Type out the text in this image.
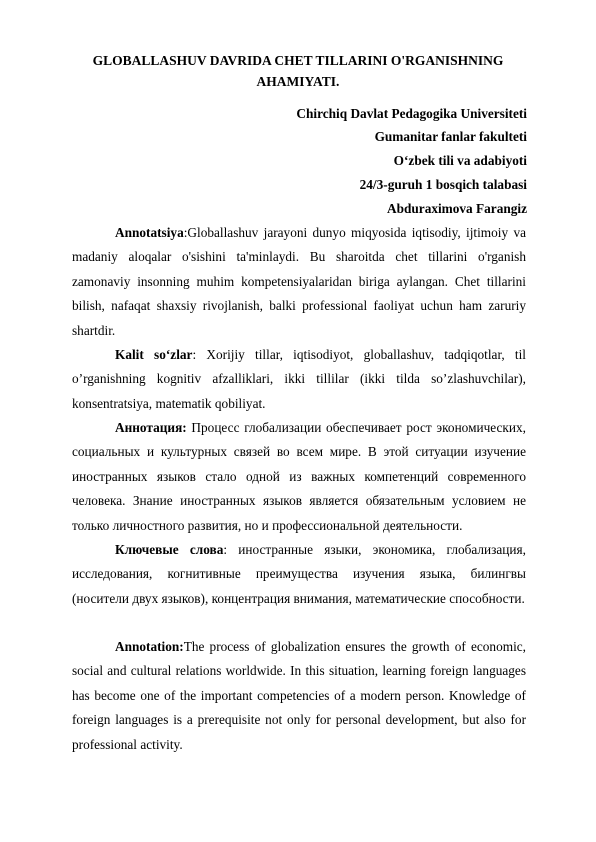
GLOBALLASHUV DAVRIDA CHET TILLARINI O'RGANISHNING AHAMIYATI.
Chirchiq Davlat Pedagogika Universiteti
Gumanitar fanlar fakulteti
O‘zbek tili va adabiyoti
24/3-guruh 1 bosqich talabasi
Abduraximova Farangiz

Annotatsiya:Globallashuv jarayoni dunyo miqyosida iqtisodiy, ijtimoiy va madaniy aloqalar o'sishini ta'minlaydi. Bu sharoitda chet tillarini o'rganish zamonaviy insonning muhim kompetensiyalaridan biriga aylangan. Chet tillarini bilish, nafaqat shaxsiy rivojlanish, balki professional faoliyat uchun ham zaruriy shartdir.

Kalit so‘zlar: Xorijiy tillar, iqtisodiyot, globallashuv, tadqiqotlar, til o’rganishning kognitiv afzalliklari, ikki tillilar (ikki tilda so’zlashuvchilar), konsentratsiya, matematik qobiliyat.

Аннотация: Процесс глобализации обеспечивает рост экономических, социальных и культурных связей во всем мире. В этой ситуации изучение иностранных языков стало одной из важных компетенций современного человека. Знание иностранных языков является обязательным условием не только личностного развития, но и профессиональной деятельности.

Ключевые слова: иностранные языки, экономика, глобализация, исследования, когнитивные преимущества изучения языка, билингвы (носители двух языков), концентрация внимания, математические способности.

Annotation:The process of globalization ensures the growth of economic, social and cultural relations worldwide. In this situation, learning foreign languages has become one of the important competencies of a modern person. Knowledge of foreign languages is a prerequisite not only for personal development, but also for professional activity.
